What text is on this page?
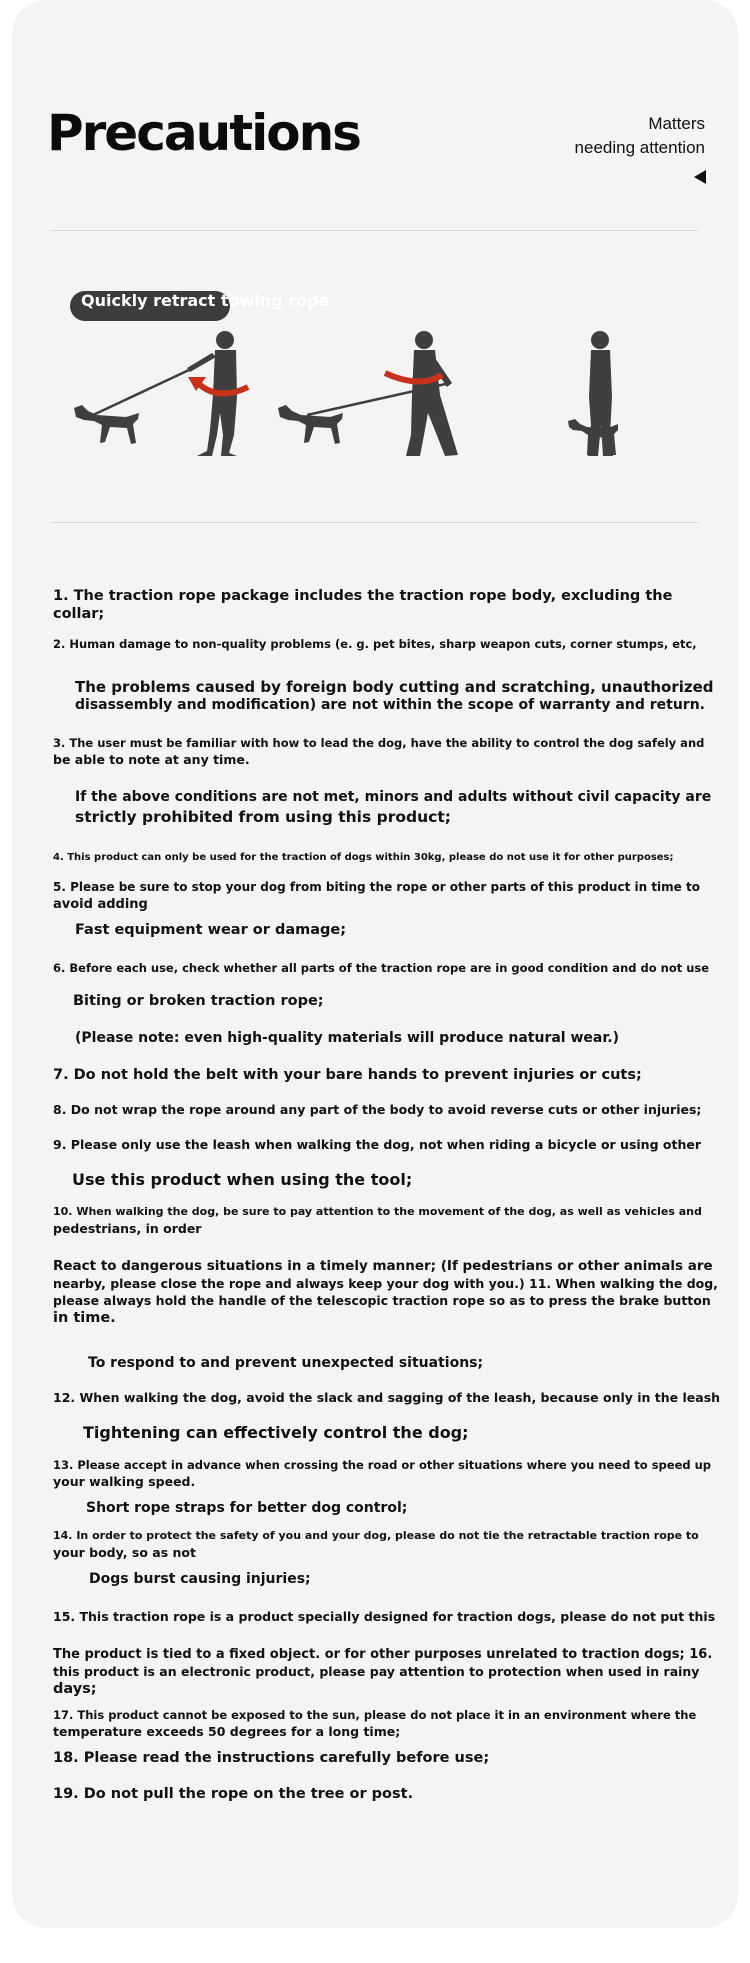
Precautions	Matters
needing attention
Quickly retract towing rope
1. The traction rope package includes the traction rope body, excluding the
collar;
2. Human damage to non-quality problems (e. g. pet bites, sharp weapon cuts, corner stumps, etc,
The problems caused by foreign body cutting and scratching, unauthorized
disassembly and modification) are not within the scope of warranty and return.
3. The user must be familiar with how to lead the dog, have the ability to control the dog safely and
be able to note at any time.
If the above conditions are not met, minors and adults without civil capacity are
strictly prohibited from using this product;
4. This product can only be used for the traction of dogs within 30kg, please do not use it for other purposes;
5. Please be sure to stop your dog from biting the rope or other parts of this product in time to
avoid adding
Fast equipment wear or damage;
6. Before each use, check whether all parts of the traction rope are in good condition and do not use
Biting or broken traction rope;
(Please note: even high-quality materials will produce natural wear.)
7. Do not hold the belt with your bare hands to prevent injuries or cuts;
8. Do not wrap the rope around any part of the body to avoid reverse cuts or other injuries;
9. Please only use the leash when walking the dog, not when riding a bicycle or using other
Use this product when using the tool;
10. When walking the dog, be sure to pay attention to the movement of the dog, as well as vehicles and
pedestrians, in order
React to dangerous situations in a timely manner; (If pedestrians or other animals are
nearby, please close the rope and always keep your dog with you.) 11. When walking the dog,
please always hold the handle of the telescopic traction rope so as to press the brake button
in time.
To respond to and prevent unexpected situations;
12. When walking the dog, avoid the slack and sagging of the leash, because only in the leash
Tightening can effectively control the dog;
13. Please accept in advance when crossing the road or other situations where you need to speed up
your walking speed.
Short rope straps for better dog control;
14. In order to protect the safety of you and your dog, please do not tie the retractable traction rope to
your body, so as not
Dogs burst causing injuries;
15. This traction rope is a product specially designed for traction dogs, please do not put this
The product is tied to a fixed object. or for other purposes unrelated to traction dogs; 16.
this product is an electronic product, please pay attention to protection when used in rainy
days;
17. This product cannot be exposed to the sun, please do not place it in an environment where the
temperature exceeds 50 degrees for a long time;
18. Please read the instructions carefully before use;
19. Do not pull the rope on the tree or post.
